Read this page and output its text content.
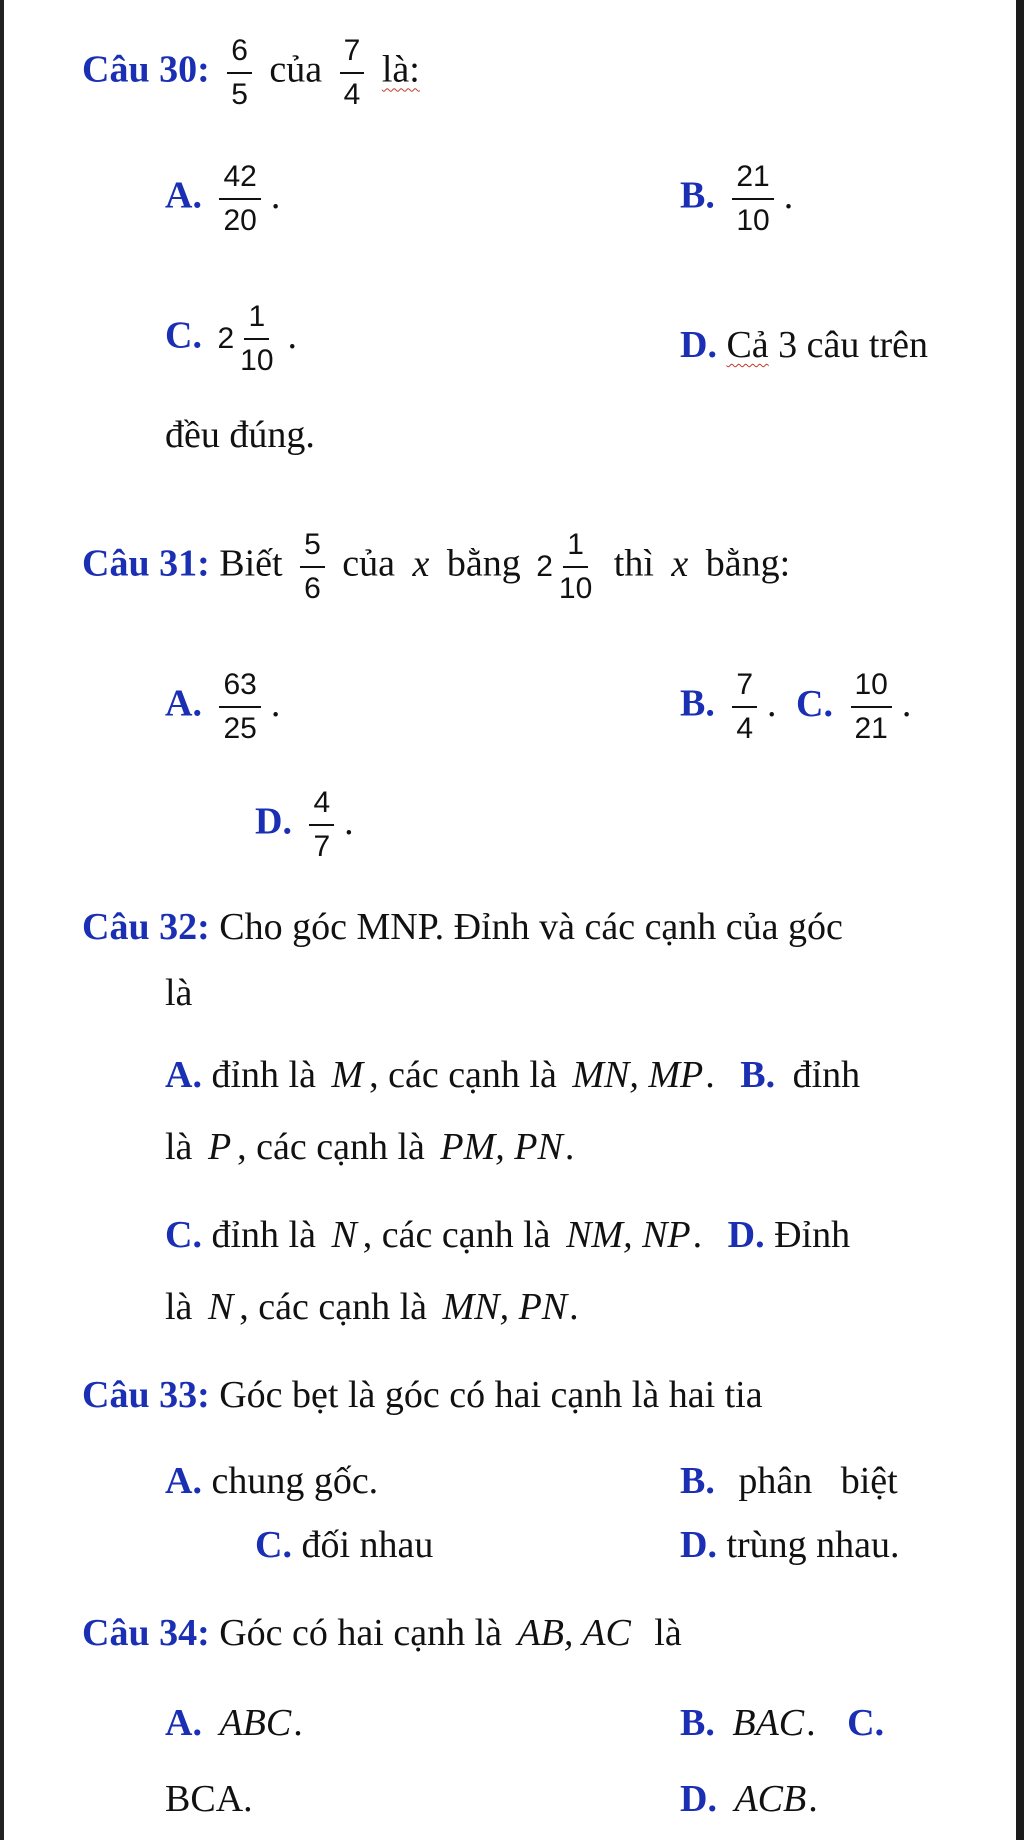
Câu 30: $\frac{6}{5}$ của $\frac{7}{4}$ là:
A. $\frac{42}{20}$ .	B. $\frac{21}{10}$ .
C. $2 \frac{1}{10}$ .	D. Cả 3 câu trên
đều đúng.
Câu 31: Biết $\frac{5}{6}$ của x bằng $2 \frac{1}{10}$ thì x bằng:
A. $\frac{63}{25}$ .	B. $\frac{7}{4}$ . C. $\frac{10}{21}$ .
D. $\frac{4}{7}$ .
Câu 32: Cho góc MNP. Đỉnh và các cạnh của góc
là
A. đỉnh là M , các cạnh là MN, MP. B. đỉnh
là P , các cạnh là PM, PN.
C. đỉnh là N , các cạnh là NM, NP. D. Đỉnh
là N , các cạnh là MN, PN.
Câu 33: Góc bẹt là góc có hai cạnh là hai tia
A. chung gốc.	B. phân   biệt
C. đối nhau	D. trùng nhau.
Câu 34: Góc có hai cạnh là AB, AC là
A. ABC.	B. BAC. C.
BCA.	D. ACB.
